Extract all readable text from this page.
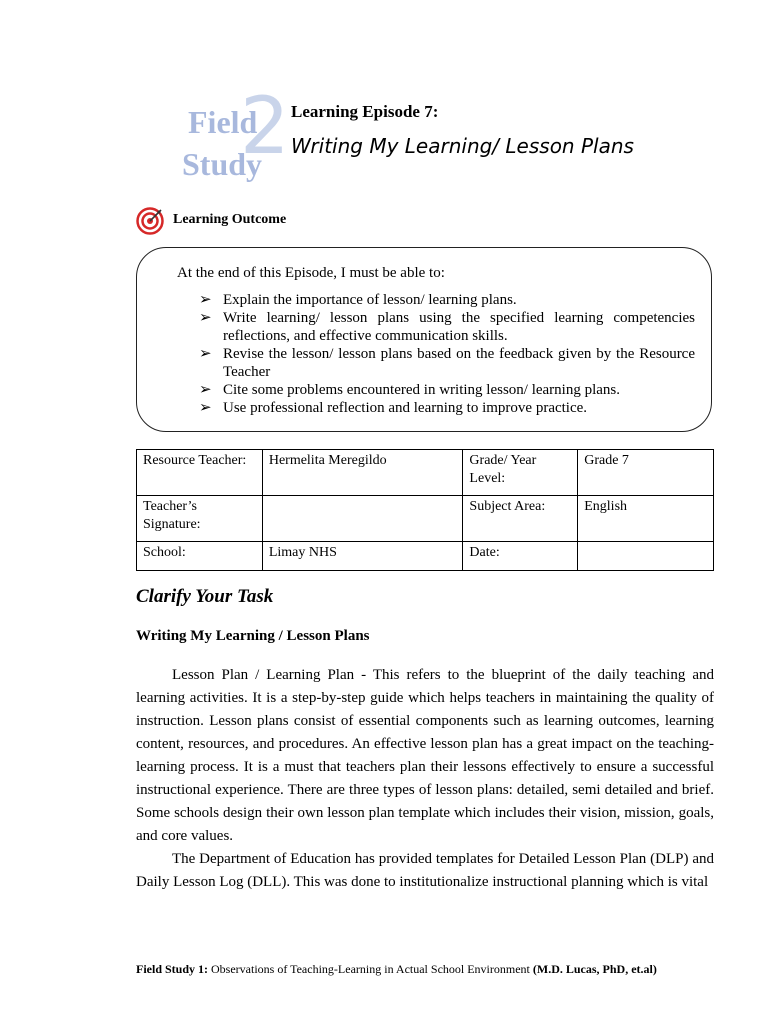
2
Field
Study
Learning Episode 7:
Writing My Learning/ Lesson Plans
Learning Outcome
At the end of this Episode, I must be able to:
➢ Explain the importance of lesson/ learning plans.
➢ Write learning/ lesson plans using the specified learning competencies reflections, and effective communication skills.
➢ Revise the lesson/ lesson plans based on the feedback given by the Resource Teacher
➢ Cite some problems encountered in writing lesson/ learning plans.
➢ Use professional reflection and learning to improve practice.
Resource Teacher:	Hermelita Meregildo	Grade/ Year Level:	Grade 7
Teacher’s Signature:		Subject Area:	English
School:	Limay NHS	Date:	
Clarify Your Task
Writing My Learning / Lesson Plans

Lesson Plan / Learning Plan - This refers to the blueprint of the daily teaching and learning activities. It is a step-by-step guide which helps teachers in maintaining the quality of instruction. Lesson plans consist of essential components such as learning outcomes, learning content, resources, and procedures. An effective lesson plan has a great impact on the teaching-learning process. It is a must that teachers plan their lessons effectively to ensure a successful instructional experience. There are three types of lesson plans: detailed, semi detailed and brief. Some schools design their own lesson plan template which includes their vision, mission, goals, and core values.

The Department of Education has provided templates for Detailed Lesson Plan (DLP) and Daily Lesson Log (DLL). This was done to institutionalize instructional planning which is vital

Field Study 1: Observations of Teaching-Learning in Actual School Environment (M.D. Lucas, PhD, et.al)
